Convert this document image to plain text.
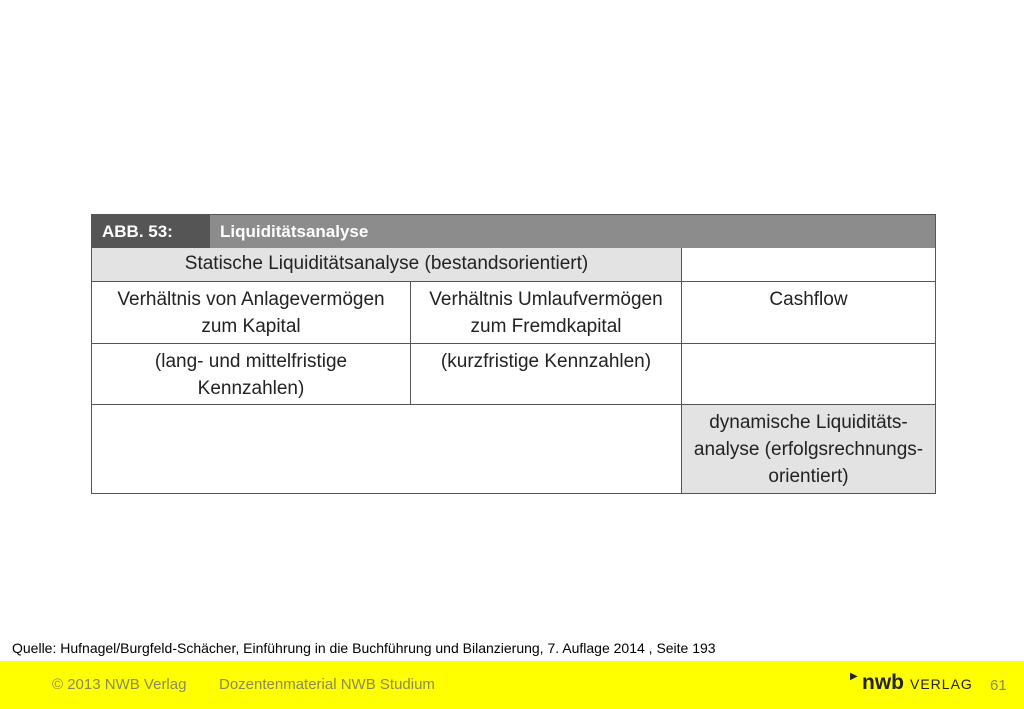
ABB. 53:	Liquiditätsanalyse
Statische Liquiditätsanalyse (bestandsorientiert)
Verhältnis von Anlagevermögen zum Kapital
Verhältnis Umlaufvermögen zum Fremdkapital
Cashflow
(lang- und mittelfristige Kennzahlen)
(kurzfristige Kennzahlen)
dynamische Liquiditäts-analyse (erfolgsrechnungs-orientiert)
Quelle: Hufnagel/Burgfeld-Schächer, Einführung in die Buchführung und Bilanzierung, 7. Auflage 2014 , Seite 193
© 2013 NWB Verlag Dozentenmaterial NWB Studium	▶ nwb VERLAG 61
